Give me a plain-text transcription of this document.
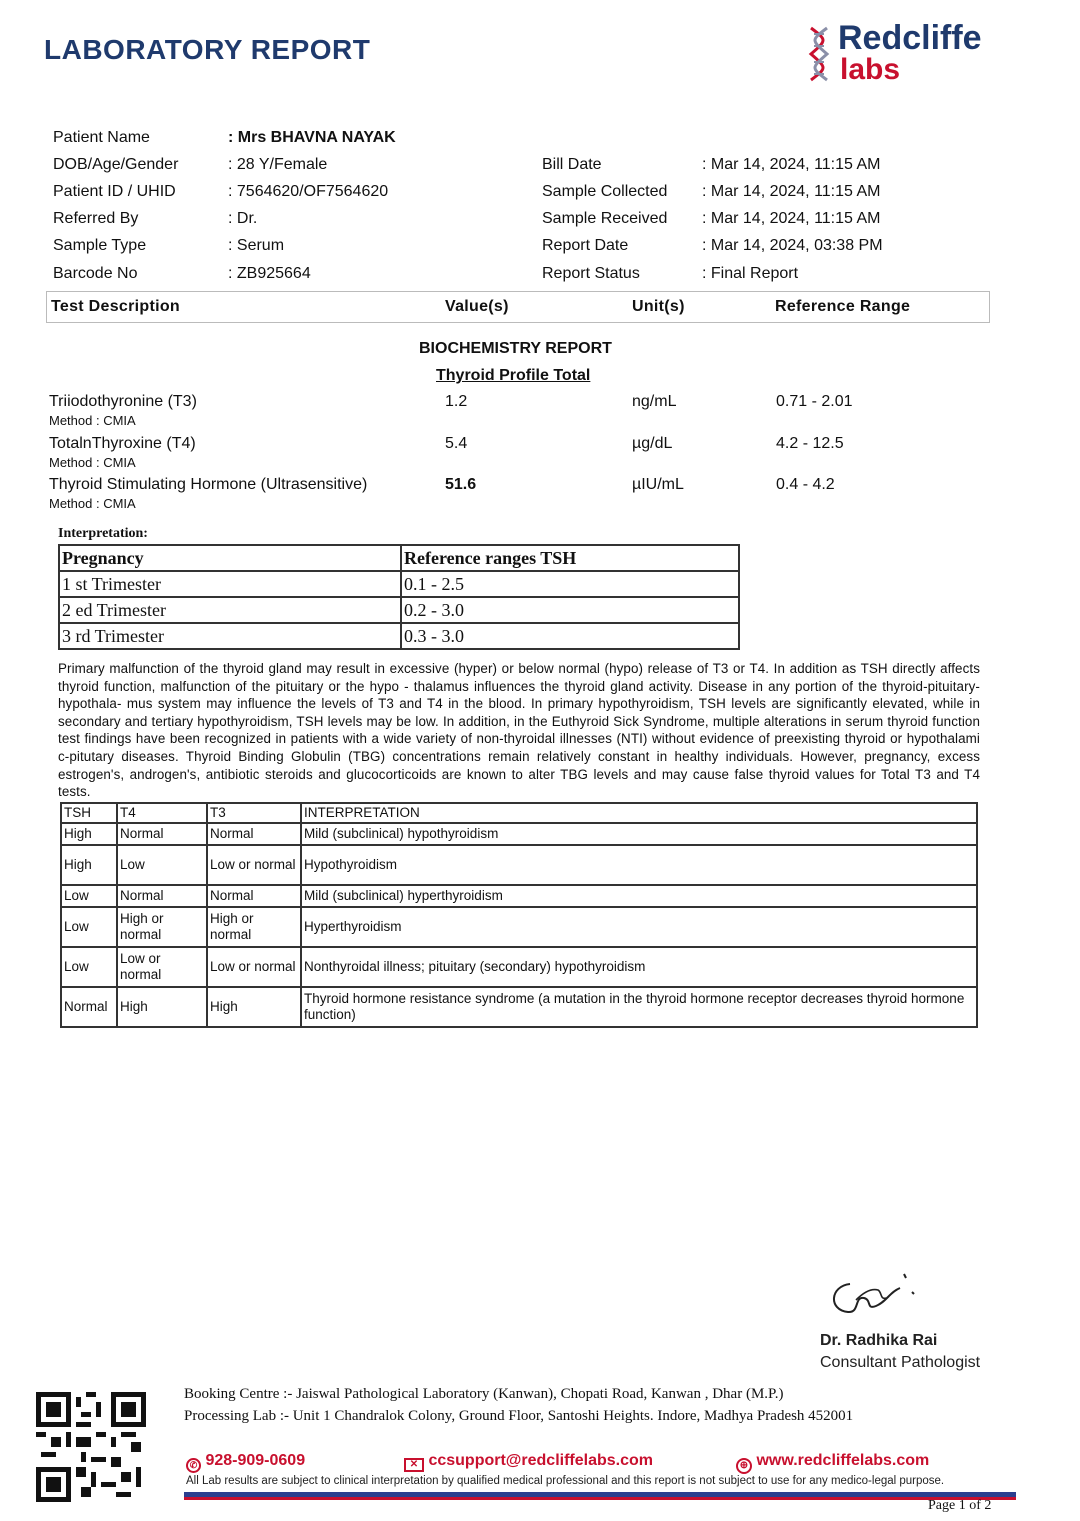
LABORATORY REPORT	Redcliffe
labs
Patient Name	: Mrs BHAVNA NAYAK
DOB/Age/Gender	: 28 Y/Female
Patient ID / UHID	: 7564620/OF7564620
Referred By	: Dr.
Sample Type	: Serum
Barcode No	: ZB925664
Bill Date	: Mar 14, 2024, 11:15 AM
Sample Collected : Mar 14, 2024, 11:15 AM
Sample Received : Mar 14, 2024, 11:15 AM
Report Date	: Mar 14, 2024, 03:38 PM
Report Status	: Final Report
Test Description	Value(s)	Unit(s)	Reference Range
BIOCHEMISTRY REPORT
Thyroid Profile Total
Triiodothyronine (T3)
Method : CMIA
1.2	ng/mL	0.71 - 2.01
TotalnThyroxine (T4)
Method : CMIA
5.4	µg/dL	4.2 - 12.5
Thyroid Stimulating Hormone (Ultrasensitive)
Method : CMIA
51.6	µIU/mL	0.4 - 4.2
Interpretation:
Pregnancy	Reference ranges TSH
1 st Trimester	0.1 - 2.5
2 ed Trimester	0.2 - 3.0
3 rd Trimester	0.3 - 3.0
Primary malfunction of the thyroid gland may result in excessive (hyper) or below normal (hypo) release of T3 or T4. In addition as TSH directly affects thyroid function, malfunction of the pituitary or the hypo - thalamus influences the thyroid gland activity. Disease in any portion of the thyroid-pituitary-hypothala- mus system may influence the levels of T3 and T4 in the blood. In primary hypothyroidism, TSH levels are significantly elevated, while in secondary and tertiary hypothyroidism, TSH levels may be low. In addition, in the Euthyroid Sick Syndrome, multiple alterations in serum thyroid function test findings have been recognized in patients with a wide variety of non-thyroidal illnesses (NTI) without evidence of preexisting thyroid or hypothalami c-pitutary diseases. Thyroid Binding Globulin (TBG) concentrations remain relatively constant in healthy individuals. However, pregnancy, excess estrogen's, androgen's, antibiotic steroids and glucocorticoids are known to alter TBG levels and may cause false thyroid values for Total T3 and T4 tests.
TSH	T4	T3	INTERPRETATION
High	Normal	Normal	Mild (subclinical) hypothyroidism
High	Low	Low or normal	Hypothyroidism
Low	Normal	Normal	Mild (subclinical) hyperthyroidism
Low	High or normal	High or normal	Hyperthyroidism
Low	Low or normal	Low or normal	Nonthyroidal illness; pituitary (secondary) hypothyroidism
Normal	High	High	Thyroid hormone resistance syndrome (a mutation in the thyroid hormone receptor decreases thyroid hormone function)
Dr. Radhika Rai
Consultant Pathologist
Booking Centre :- Jaiswal Pathological Laboratory (Kanwan), Chopati Road, Kanwan , Dhar (M.P.)
Processing Lab :- Unit 1 Chandralok Colony, Ground Floor, Santoshi Heights. Indore, Madhya Pradesh 452001
✆ 928-909-0609	✕ ccsupport@redcliffelabs.com	⊕ www.redcliffelabs.com
All Lab results are subject to clinical interpretation by qualified medical professional and this report is not subject to use for any medico-legal purpose.
Page 1 of 2
